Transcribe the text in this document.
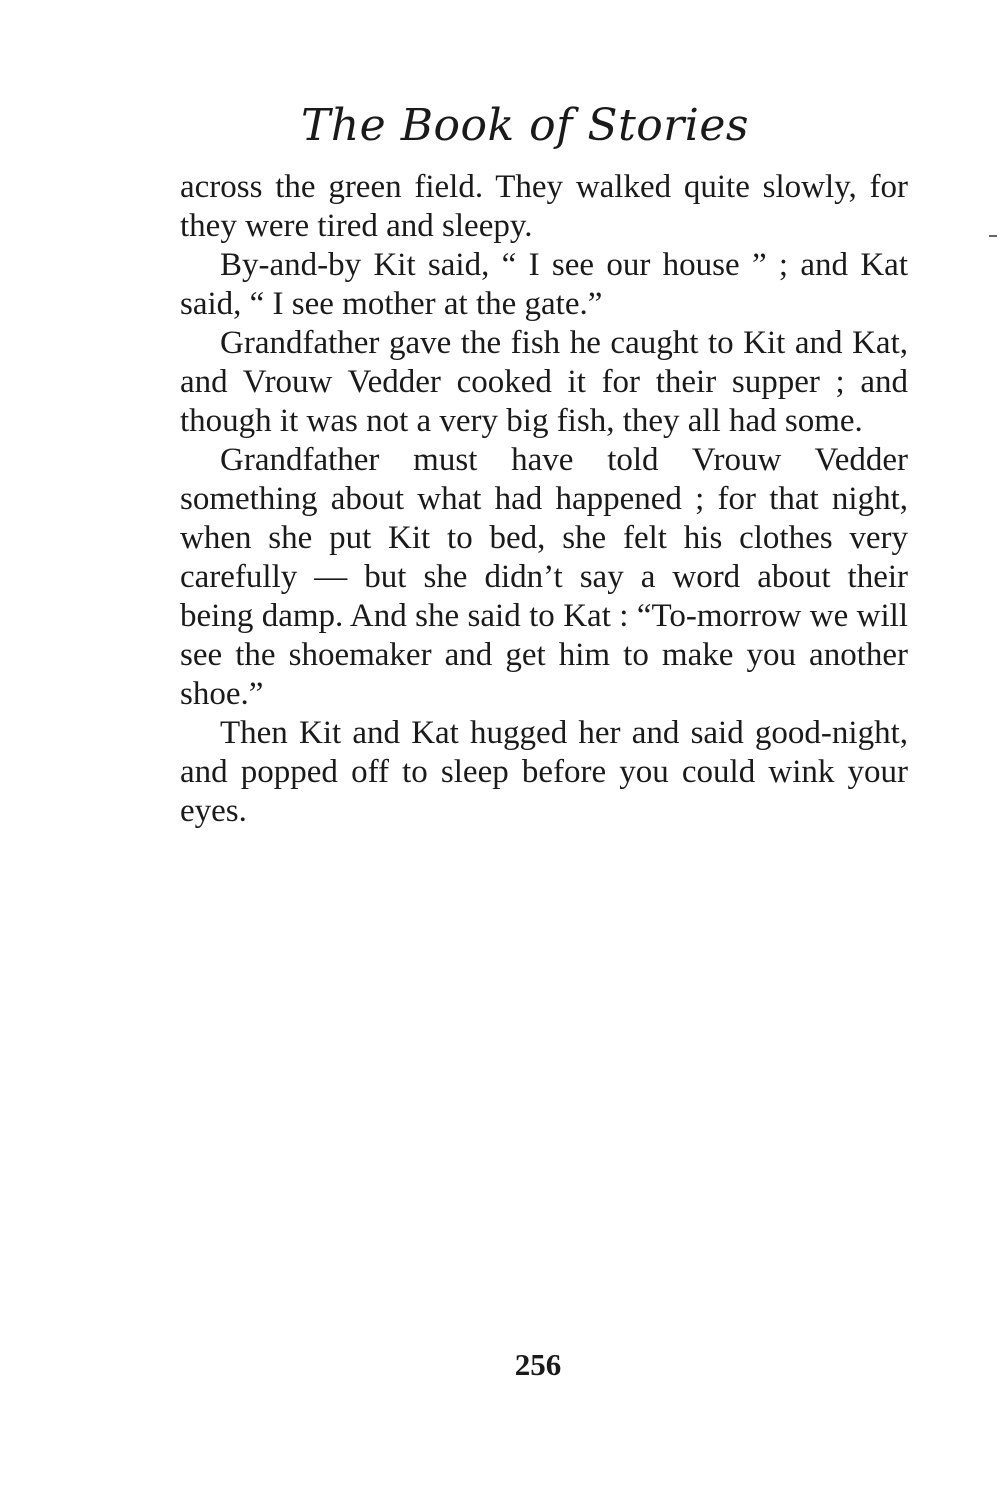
The Book of Stories

across the green field. They walked quite slowly, for they were tired and sleepy.

By-and-by Kit said, “ I see our house ” ; and Kat said, “ I see mother at the gate.”

Grandfather gave the fish he caught to Kit and Kat, and Vrouw Vedder cooked it for their supper ; and though it was not a very big fish, they all had some.

Grandfather must have told Vrouw Vedder something about what had happened ; for that night, when she put Kit to bed, she felt his clothes very carefully — but she didn’t say a word about their being damp. And she said to Kat : “To-morrow we will see the shoemaker and get him to make you another shoe.”

Then Kit and Kat hugged her and said good-night, and popped off to sleep before you could wink your eyes.

256
